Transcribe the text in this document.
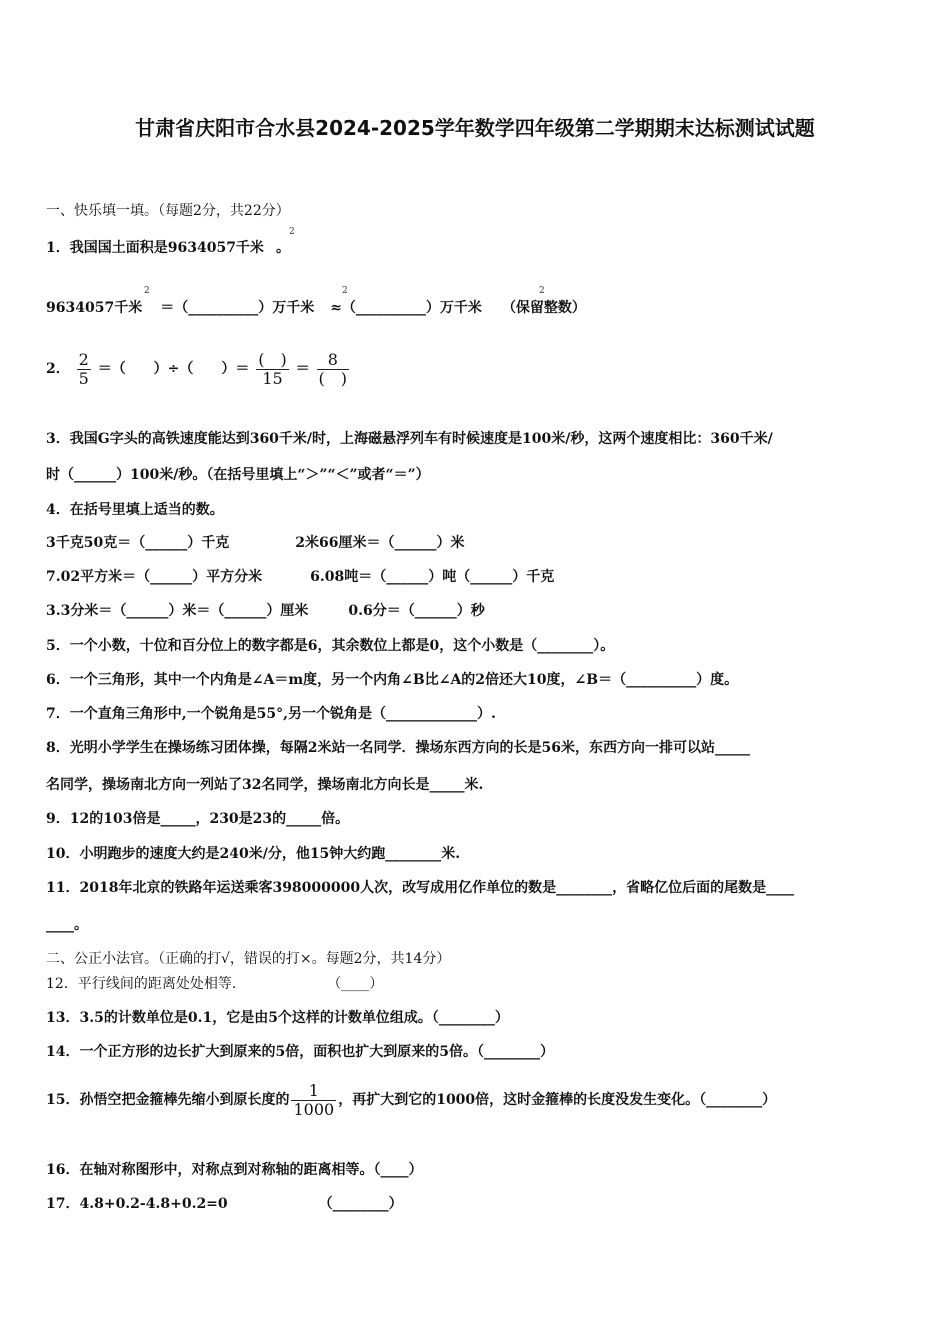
甘肃省庆阳市合水县2024-2025学年数学四年级第二学期期末达标测试试题
一、快乐填一填。（每题2分，共22分）
1．我国国土面积是9634057千米 。
2
9634057千米 ＝（__________）万千米 ≈（__________）万千米 （保留整数）
2	2	2
2． $\frac{2}{5}$ ＝（　　）÷（　　）＝ $\frac{( )}{15} = \frac{8}{( )}$
3．我国G字头的高铁速度能达到360千米/时，上海磁悬浮列车有时候速度是100米/秒，这两个速度相比：360千米/
时（______）100米/秒。（在括号里填上“＞”“＜”或者“＝”）
4．在括号里填上适当的数。
3千克50克＝（______）千克	2米66厘米＝（______）米
7.02平方米＝（______）平方分米	6.08吨＝（______）吨（______）千克
3.3分米＝（______）米＝（______）厘米	0.6分＝（______）秒
5．一个小数，十位和百分位上的数字都是6，其余数位上都是0，这个小数是（________）。
6．一个三角形，其中一个内角是∠A＝m度，另一个内角∠B比∠A的2倍还大10度，∠B＝（__________）度。
7．一个直角三角形中,一个锐角是55°,另一个锐角是（_____________）.
8．光明小学学生在操场练习团体操，每隔2米站一名同学．操场东西方向的长是56米，东西方向一排可以站_____
名同学，操场南北方向一列站了32名同学，操场南北方向长是_____米.
9．12的103倍是_____，230是23的_____倍。
10．小明跑步的速度大约是240米/分，他15钟大约跑________米.
11．2018年北京的铁路年运送乘客398000000人次，改写成用亿作单位的数是________，省略亿位后面的尾数是____
____。
二、公正小法官。（正确的打√，错误的打×。每题2分，共14分）
12．平行线间的距离处处相等.　　　　　　　（____）
13．3.5的计数单位是0.1，它是由5个这样的计数单位组成。（________）
14．一个正方形的边长扩大到原来的5倍，面积也扩大到原来的5倍。（________）
15．孙悟空把金箍棒先缩小到原长度的 $\frac{1}{1000}$ ，再扩大到它的1000倍，这时金箍棒的长度没发生变化。（________）
16．在轴对称图形中，对称点到对称轴的距离相等。（____）
17．4.8+0.2-4.8+0.2=0　　　　　　　（________）
